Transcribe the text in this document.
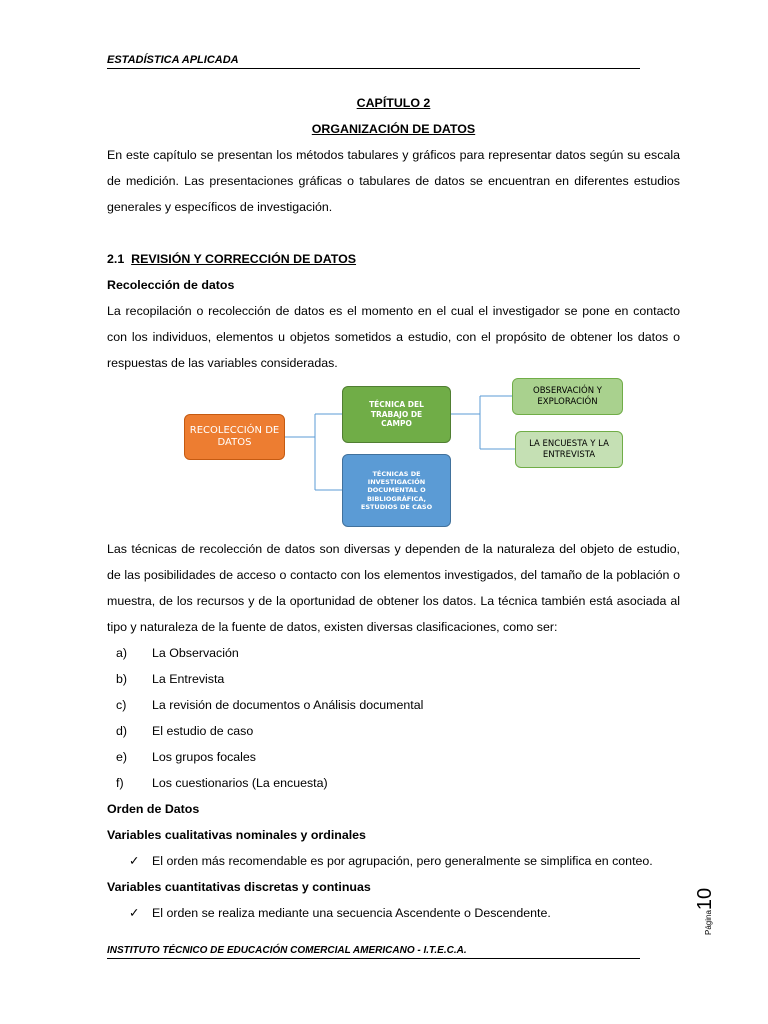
ESTADÍSTICA APLICADA

CAPÍTULO 2

ORGANIZACIÓN DE DATOS

En este capítulo se presentan los métodos tabulares y gráficos para representar datos según su escala de medición. Las presentaciones gráficas o tabulares de datos se encuentran en diferentes estudios generales y específicos de investigación.

2.1 REVISIÓN Y CORRECCIÓN DE DATOS

Recolección de datos

La recopilación o recolección de datos es el momento en el cual el investigador se pone en contacto con los individuos, elementos u objetos sometidos a estudio, con el propósito de obtener los datos o respuestas de las variables consideradas.

RECOLECCIÓN DE DATOS
TÉCNICA DEL TRABAJO DE CAMPO
TÉCNICAS DE INVESTIGACIÓN DOCUMENTAL O BIBLIOGRÁFICA, ESTUDIOS DE CASO
OBSERVACIÓN Y EXPLORACIÓN
LA ENCUESTA Y LA ENTREVISTA

Las técnicas de recolección de datos son diversas y dependen de la naturaleza del objeto de estudio, de las posibilidades de acceso o contacto con los elementos investigados, del tamaño de la población o muestra, de los recursos y de la oportunidad de obtener los datos. La técnica también está asociada al tipo y naturaleza de la fuente de datos, existen diversas clasificaciones, como ser:

a)	La Observación
b)	La Entrevista
c)	La revisión de documentos o Análisis documental
d)	El estudio de caso
e)	Los grupos focales
f)	Los cuestionarios (La encuesta)

Orden de Datos

Variables cualitativas nominales y ordinales

✓	El orden más recomendable es por agrupación, pero generalmente se simplifica en conteo.

Variables cuantitativas discretas y continuas

✓	El orden se realiza mediante una secuencia Ascendente o Descendente.	Página10
INSTITUTO TÉCNICO DE EDUCACIÓN COMERCIAL AMERICANO - I.T.E.C.A.
